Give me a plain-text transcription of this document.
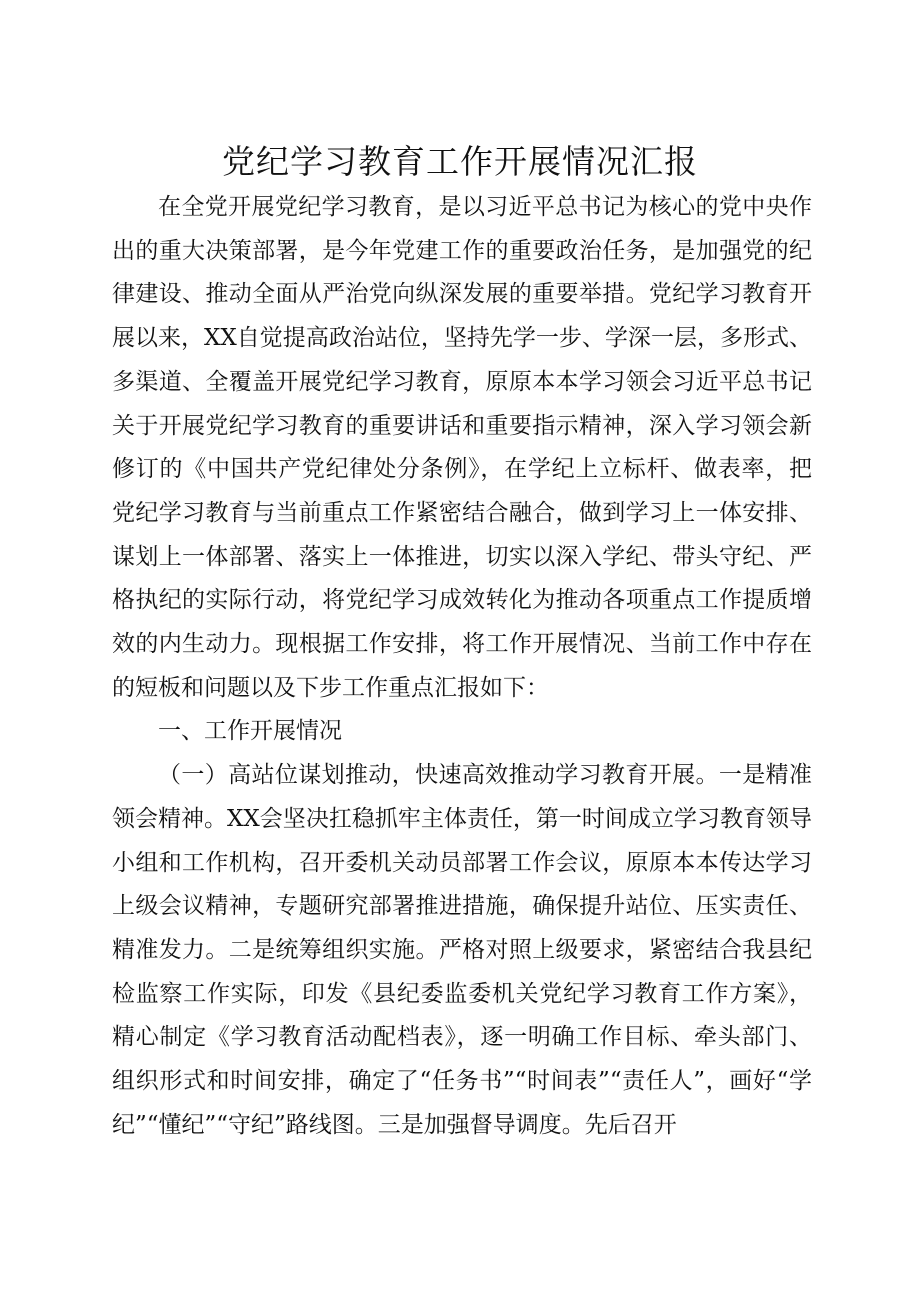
党纪学习教育工作开展情况汇报

在全党开展党纪学习教育，是以习近平总书记为核心的党中央作出的重大决策部署，是今年党建工作的重要政治任务，是加强党的纪律建设、推动全面从严治党向纵深发展的重要举措。党纪学习教育开展以来，XX自觉提高政治站位，坚持先学一步、学深一层，多形式、多渠道、全覆盖开展党纪学习教育，原原本本学习领会习近平总书记关于开展党纪学习教育的重要讲话和重要指示精神，深入学习领会新修订的《中国共产党纪律处分条例》，在学纪上立标杆、做表率，把党纪学习教育与当前重点工作紧密结合融合，做到学习上一体安排、谋划上一体部署、落实上一体推进，切实以深入学纪、带头守纪、严格执纪的实际行动，将党纪学习成效转化为推动各项重点工作提质增效的内生动力。现根据工作安排，将工作开展情况、当前工作中存在的短板和问题以及下步工作重点汇报如下：

一、工作开展情况

（一）高站位谋划推动，快速高效推动学习教育开展。一是精准领会精神。XX会坚决扛稳抓牢主体责任，第一时间成立学习教育领导小组和工作机构，召开委机关动员部署工作会议，原原本本传达学习上级会议精神，专题研究部署推进措施，确保提升站位、压实责任、精准发力。二是统筹组织实施。严格对照上级要求，紧密结合我县纪检监察工作实际，印发《县纪委监委机关党纪学习教育工作方案》，精心制定《学习教育活动配档表》，逐一明确工作目标、牵头部门、组织形式和时间安排，确定了“任务书”“时间表”“责任人”，画好“学纪”“懂纪”“守纪”路线图。三是加强督导调度。先后召开
